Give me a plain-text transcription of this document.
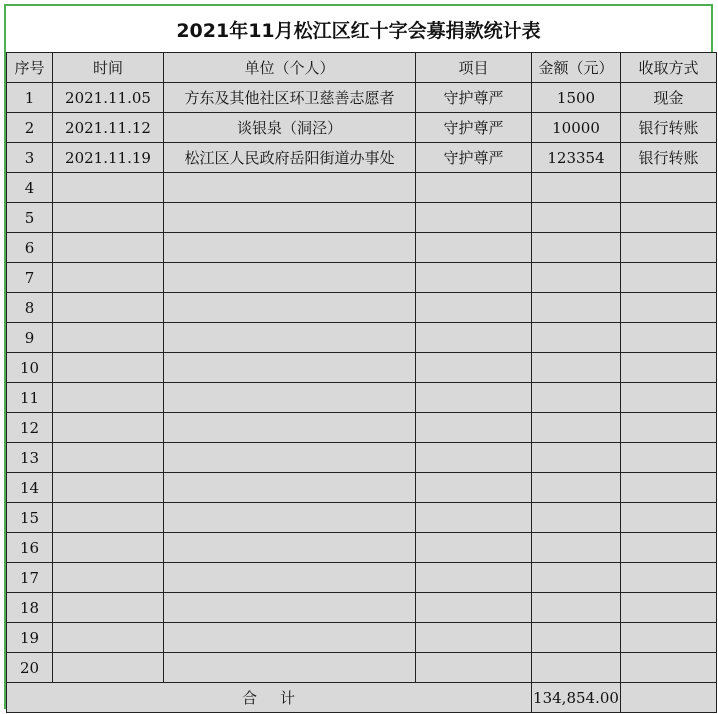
2021年11月松江区红十字会募捐款统计表
序号	时间	单位（个人）	项目	金额（元）	收取方式
1	2021.11.05	方东及其他社区环卫慈善志愿者	守护尊严	1500	现金
2	2021.11.12	谈银泉（洞泾）	守护尊严	10000	银行转账
3	2021.11.19	松江区人民政府岳阳街道办事处	守护尊严	123354	银行转账
4					
5					
6					
7					
8					
9					
10					
11					
12					
13					
14					
15					
16					
17					
18					
19					
20					
合 计				134,854.00	
